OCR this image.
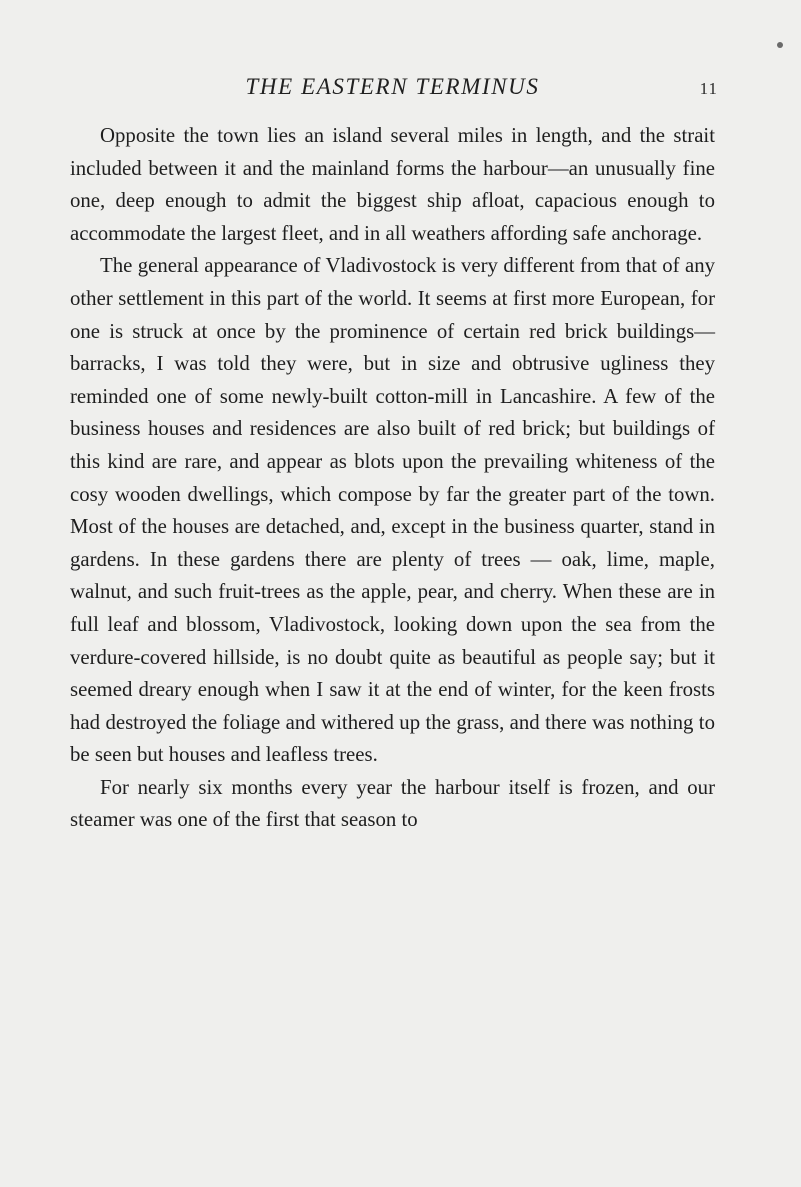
THE EASTERN TERMINUS	11

Opposite the town lies an island several miles in length, and the strait included between it and the mainland forms the harbour—an unusually fine one, deep enough to admit the biggest ship afloat, capacious enough to accommodate the largest fleet, and in all weathers affording safe anchorage.

The general appearance of Vladivostock is very different from that of any other settlement in this part of the world. It seems at first more European, for one is struck at once by the prominence of certain red brick buildings—barracks, I was told they were, but in size and obtrusive ugliness they reminded one of some newly-built cotton-mill in Lancashire. A few of the business houses and residences are also built of red brick; but buildings of this kind are rare, and appear as blots upon the prevailing whiteness of the cosy wooden dwellings, which compose by far the greater part of the town. Most of the houses are detached, and, except in the business quarter, stand in gardens. In these gardens there are plenty of trees — oak, lime, maple, walnut, and such fruit-trees as the apple, pear, and cherry. When these are in full leaf and blossom, Vladivostock, looking down upon the sea from the verdure-covered hillside, is no doubt quite as beautiful as people say; but it seemed dreary enough when I saw it at the end of winter, for the keen frosts had destroyed the foliage and withered up the grass, and there was nothing to be seen but houses and leafless trees.

For nearly six months every year the harbour itself is frozen, and our steamer was one of the first that season to
